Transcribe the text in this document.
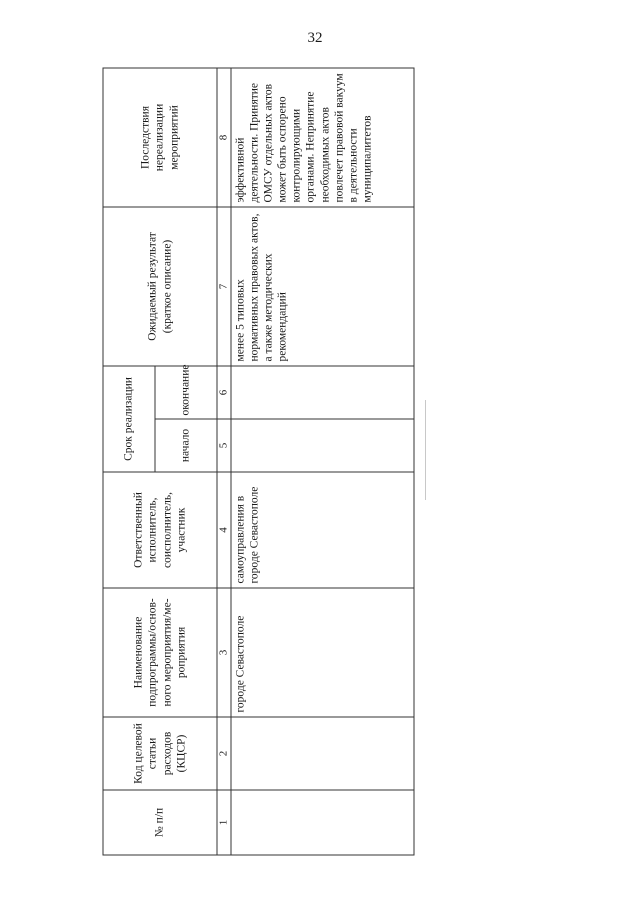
32
№ п/п	Код целевой статьи расходов (КЦСР)	Наименование подпрограммы/основ-ного мероприятия/ме-роприятия	Ответственный исполнитель, соисполнитель, участник	Срок реализации		Ожидаемый результат (краткое описание)	Последствия нереализации мероприятий
				начало	окончание		
1	2	3	4	5	6	7	8
		городе Севастополе	самоуправления в городе Севастополе			менее 5 типовых нормативных правовых актов, а также методических рекомендаций	эффективной деятельности. Принятие ОМСУ отдельных актов может быть оспорено контролирующими органами. Непринятие необходимых актов повлечет правовой вакуум в деятельности муниципалитетов
